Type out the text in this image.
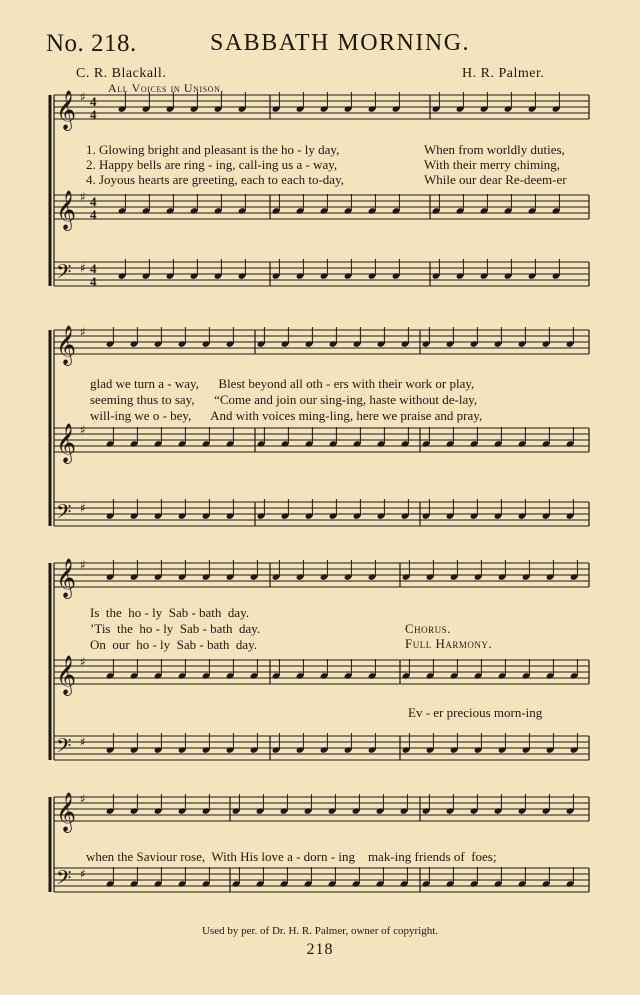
𝄞 ♯ 4
4
𝄞 ♯ 4
4
𝄢 ♯ 4
4
𝄞 ♯
𝄞 ♯
𝄢 ♯
𝄞 ♯
𝄞 ♯
𝄢 ♯
𝄞 ♯
𝄢 ♯
No. 218.	SABBATH MORNING.
C. R. Blackall.	H. R. Palmer.
All Voices in Unison.
1. Glowing bright and pleasant is the ho - ly day,	When from worldly duties,
2. Happy bells are ring - ing, call-ing us a - way,	With their merry chiming,
4. Joyous hearts are greeting, each to each to-day,	While our dear Re-deem-er
glad we turn a - way,      Blest beyond all oth - ers with their work or play,
seeming thus to say,      “Come and join our sing-ing, haste without de-lay,
will-ing we o - bey,      And with voices ming-ling, here we praise and pray,
Is  the  ho - ly  Sab - bath  day.
’Tis  the  ho - ly  Sab - bath  day.
On  our  ho - ly  Sab - bath  day.
Chorus.
Full Harmony.
Ev - er precious morn-ing
when the Saviour rose,  With His love a - dorn - ing    mak-ing friends of  foes;
Used by per. of Dr. H. R. Palmer, owner of copyright.
218
